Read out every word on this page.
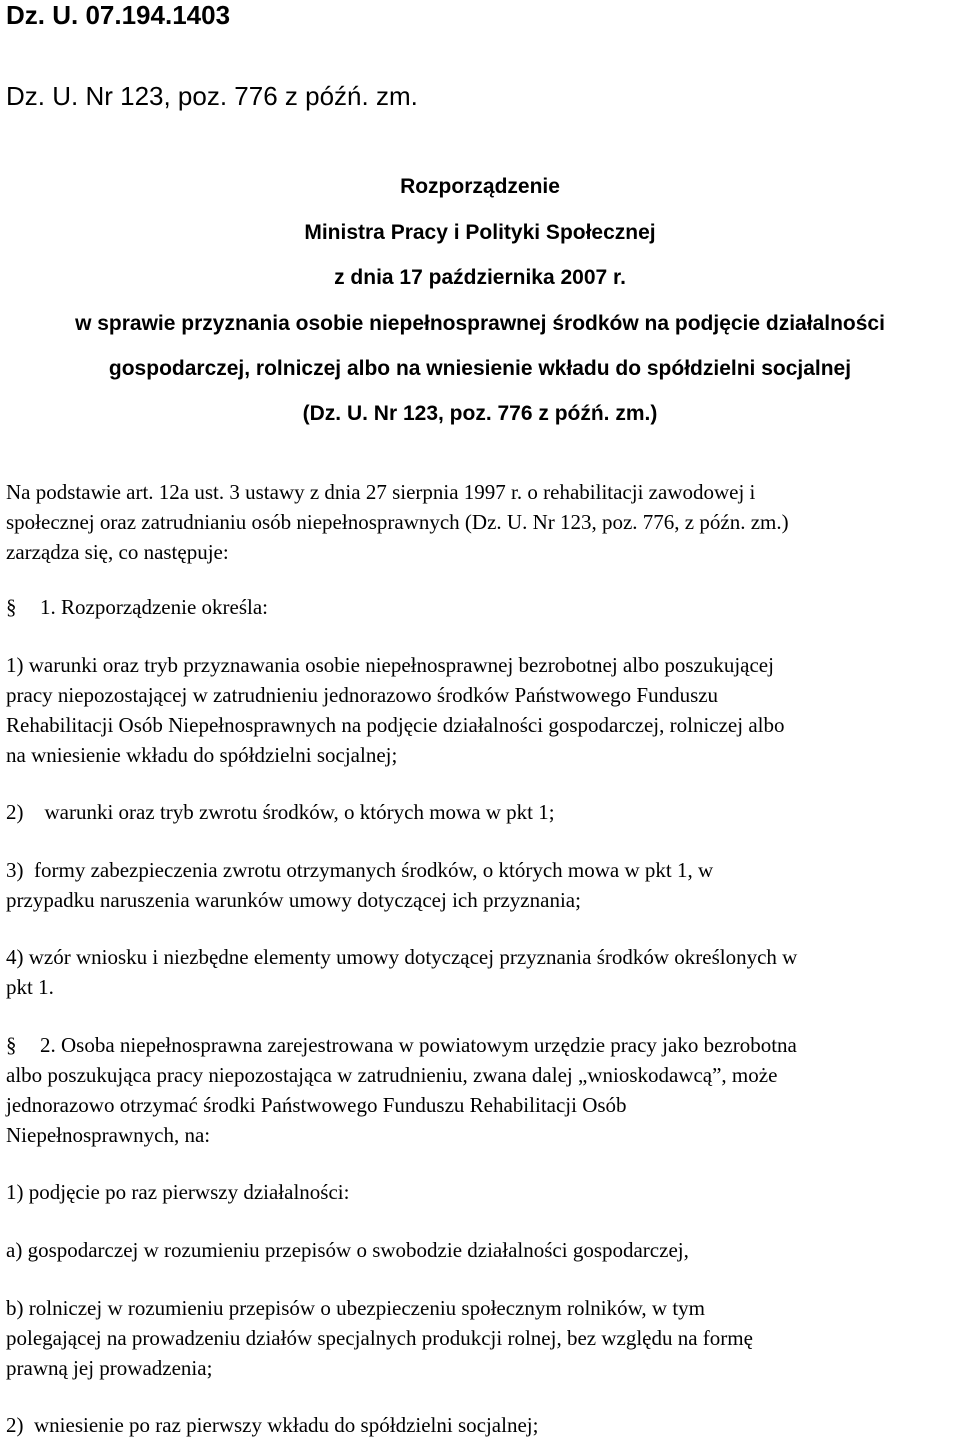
Dz. U. 07.194.1403
Dz. U. Nr 123, poz. 776 z późń. zm.
Rozporządzenie
Ministra Pracy i Polityki Społecznej
z dnia 17 października 2007 r.
w sprawie przyznania osobie niepełnosprawnej środków na podjęcie działalności
gospodarczej, rolniczej albo na wniesienie wkładu do spółdzielni socjalnej
(Dz. U. Nr 123, poz. 776 z późń. zm.)
Na podstawie art. 12a ust. 3 ustawy z dnia 27 sierpnia 1997 r. o rehabilitacji zawodowej i
społecznej oraz zatrudnianiu osób niepełnosprawnych (Dz. U. Nr 123, poz. 776, z późn. zm.)
zarządza się, co następuje:
§ 1. Rozporządzenie określa:
1) warunki oraz tryb przyznawania osobie niepełnosprawnej bezrobotnej albo poszukującej
pracy niepozostającej w zatrudnieniu jednorazowo środków Państwowego Funduszu
Rehabilitacji Osób Niepełnosprawnych na podjęcie działalności gospodarczej, rolniczej albo
na wniesienie wkładu do spółdzielni socjalnej;
2)    warunki oraz tryb zwrotu środków, o których mowa w pkt 1;
3)  formy zabezpieczenia zwrotu otrzymanych środków, o których mowa w pkt 1, w
przypadku naruszenia warunków umowy dotyczącej ich przyznania;
4) wzór wniosku i niezbędne elementy umowy dotyczącej przyznania środków określonych w
pkt 1.
§ 2. Osoba niepełnosprawna zarejestrowana w powiatowym urzędzie pracy jako bezrobotna
albo poszukująca pracy niepozostająca w zatrudnieniu, zwana dalej „wnioskodawcą”, może
jednorazowo otrzymać środki Państwowego Funduszu Rehabilitacji Osób
Niepełnosprawnych, na:
1) podjęcie po raz pierwszy działalności:
a) gospodarczej w rozumieniu przepisów o swobodzie działalności gospodarczej,
b) rolniczej w rozumieniu przepisów o ubezpieczeniu społecznym rolników, w tym
polegającej na prowadzeniu działów specjalnych produkcji rolnej, bez względu na formę
prawną jej prowadzenia;
2)  wniesienie po raz pierwszy wkładu do spółdzielni socjalnej;
